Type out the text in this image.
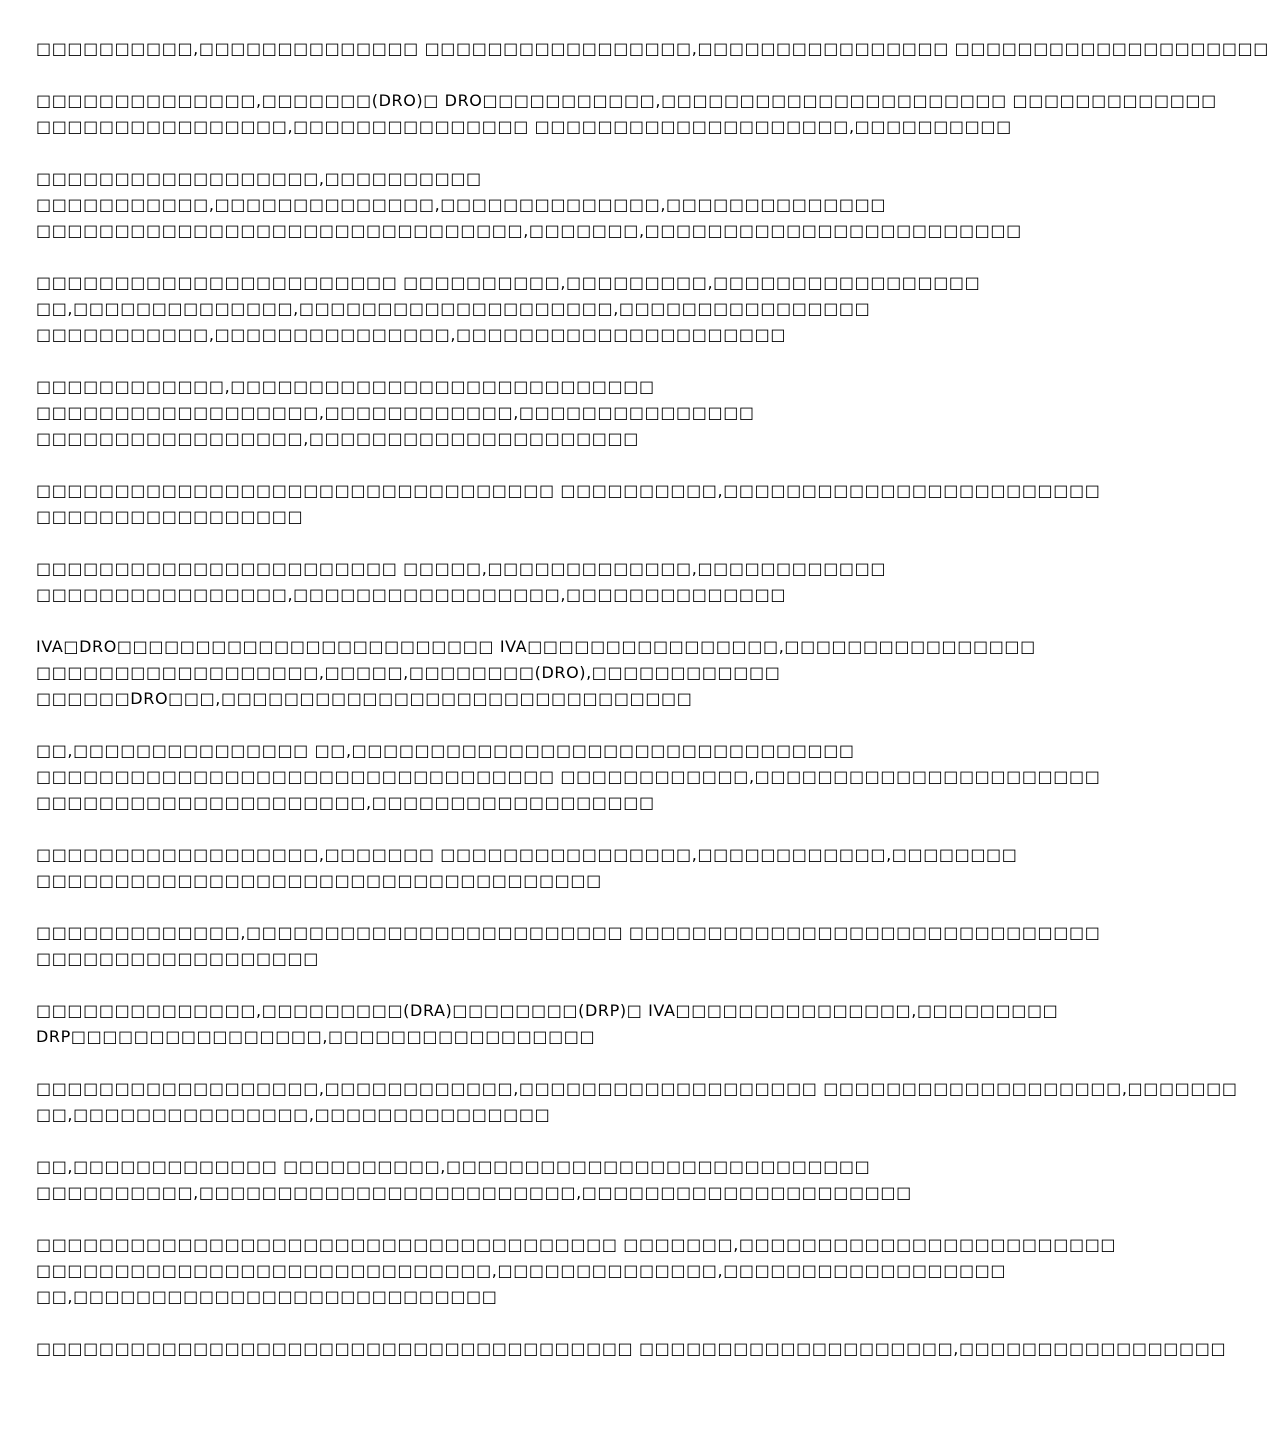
□□□□□□□□□□,□□□□□□□□□□□□□□ □□□□□□□□□□□□□□□□□,□□□□□□□□□□□□□□□□ □□□□□□□□□□□□□□□□□□□□
□□□□□□□□□□□□□□,□□□□□□□(DRO)□ DRO□□□□□□□□□□□,□□□□□□□□□□□□□□□□□□□□□□ □□□□□□□□□□□□□
□□□□□□□□□□□□□□□□,□□□□□□□□□□□□□□□ □□□□□□□□□□□□□□□□□□□□,□□□□□□□□□□
□□□□□□□□□□□□□□□□□□,□□□□□□□□□□
□□□□□□□□□□□,□□□□□□□□□□□□□□,□□□□□□□□□□□□□□,□□□□□□□□□□□□□□
□□□□□□□□□□□□□□□□□□□□□□□□□□□□□□□,□□□□□□□,□□□□□□□□□□□□□□□□□□□□□□□□
□□□□□□□□□□□□□□□□□□□□□□□ □□□□□□□□□□,□□□□□□□□□,□□□□□□□□□□□□□□□□□
□□,□□□□□□□□□□□□□□,□□□□□□□□□□□□□□□□□□□□,□□□□□□□□□□□□□□□□
□□□□□□□□□□□,□□□□□□□□□□□□□□□,□□□□□□□□□□□□□□□□□□□□□
□□□□□□□□□□□□,□□□□□□□□□□□□□□□□□□□□□□□□□□□
□□□□□□□□□□□□□□□□□□,□□□□□□□□□□□□,□□□□□□□□□□□□□□□
□□□□□□□□□□□□□□□□□,□□□□□□□□□□□□□□□□□□□□□
□□□□□□□□□□□□□□□□□□□□□□□□□□□□□□□□□ □□□□□□□□□□,□□□□□□□□□□□□□□□□□□□□□□□□
□□□□□□□□□□□□□□□□□
□□□□□□□□□□□□□□□□□□□□□□□ □□□□□,□□□□□□□□□□□□□,□□□□□□□□□□□□
□□□□□□□□□□□□□□□□,□□□□□□□□□□□□□□□□□,□□□□□□□□□□□□□□
IVA□DRO□□□□□□□□□□□□□□□□□□□□□□□□ IVA□□□□□□□□□□□□□□□□,□□□□□□□□□□□□□□□□
□□□□□□□□□□□□□□□□□□,□□□□□,□□□□□□□□(DRO),□□□□□□□□□□□□
□□□□□□DRO□□□,□□□□□□□□□□□□□□□□□□□□□□□□□□□□□□
□□,□□□□□□□□□□□□□□□ □□,□□□□□□□□□□□□□□□□□□□□□□□□□□□□□□□□
□□□□□□□□□□□□□□□□□□□□□□□□□□□□□□□□□ □□□□□□□□□□□□,□□□□□□□□□□□□□□□□□□□□□□
□□□□□□□□□□□□□□□□□□□□□,□□□□□□□□□□□□□□□□□□
□□□□□□□□□□□□□□□□□□,□□□□□□□ □□□□□□□□□□□□□□□□,□□□□□□□□□□□□,□□□□□□□□
□□□□□□□□□□□□□□□□□□□□□□□□□□□□□□□□□□□□
□□□□□□□□□□□□□,□□□□□□□□□□□□□□□□□□□□□□□□ □□□□□□□□□□□□□□□□□□□□□□□□□□□□□□
□□□□□□□□□□□□□□□□□□
□□□□□□□□□□□□□□,□□□□□□□□□(DRA)□□□□□□□□(DRP)□ IVA□□□□□□□□□□□□□□□,□□□□□□□□□
DRP□□□□□□□□□□□□□□□□,□□□□□□□□□□□□□□□□□
□□□□□□□□□□□□□□□□□□,□□□□□□□□□□□□,□□□□□□□□□□□□□□□□□□□ □□□□□□□□□□□□□□□□□□□,□□□□□□□
□□,□□□□□□□□□□□□□□□,□□□□□□□□□□□□□□□
□□,□□□□□□□□□□□□□ □□□□□□□□□□,□□□□□□□□□□□□□□□□□□□□□□□□□□□
□□□□□□□□□□,□□□□□□□□□□□□□□□□□□□□□□□□,□□□□□□□□□□□□□□□□□□□□□
□□□□□□□□□□□□□□□□□□□□□□□□□□□□□□□□□□□□□ □□□□□□□,□□□□□□□□□□□□□□□□□□□□□□□□
□□□□□□□□□□□□□□□□□□□□□□□□□□□□□,□□□□□□□□□□□□□□,□□□□□□□□□□□□□□□□□□
□□,□□□□□□□□□□□□□□□□□□□□□□□□□□□
□□□□□□□□□□□□□□□□□□□□□□□□□□□□□□□□□□□□□□ □□□□□□□□□□□□□□□□□□□□,□□□□□□□□□□□□□□□□□
